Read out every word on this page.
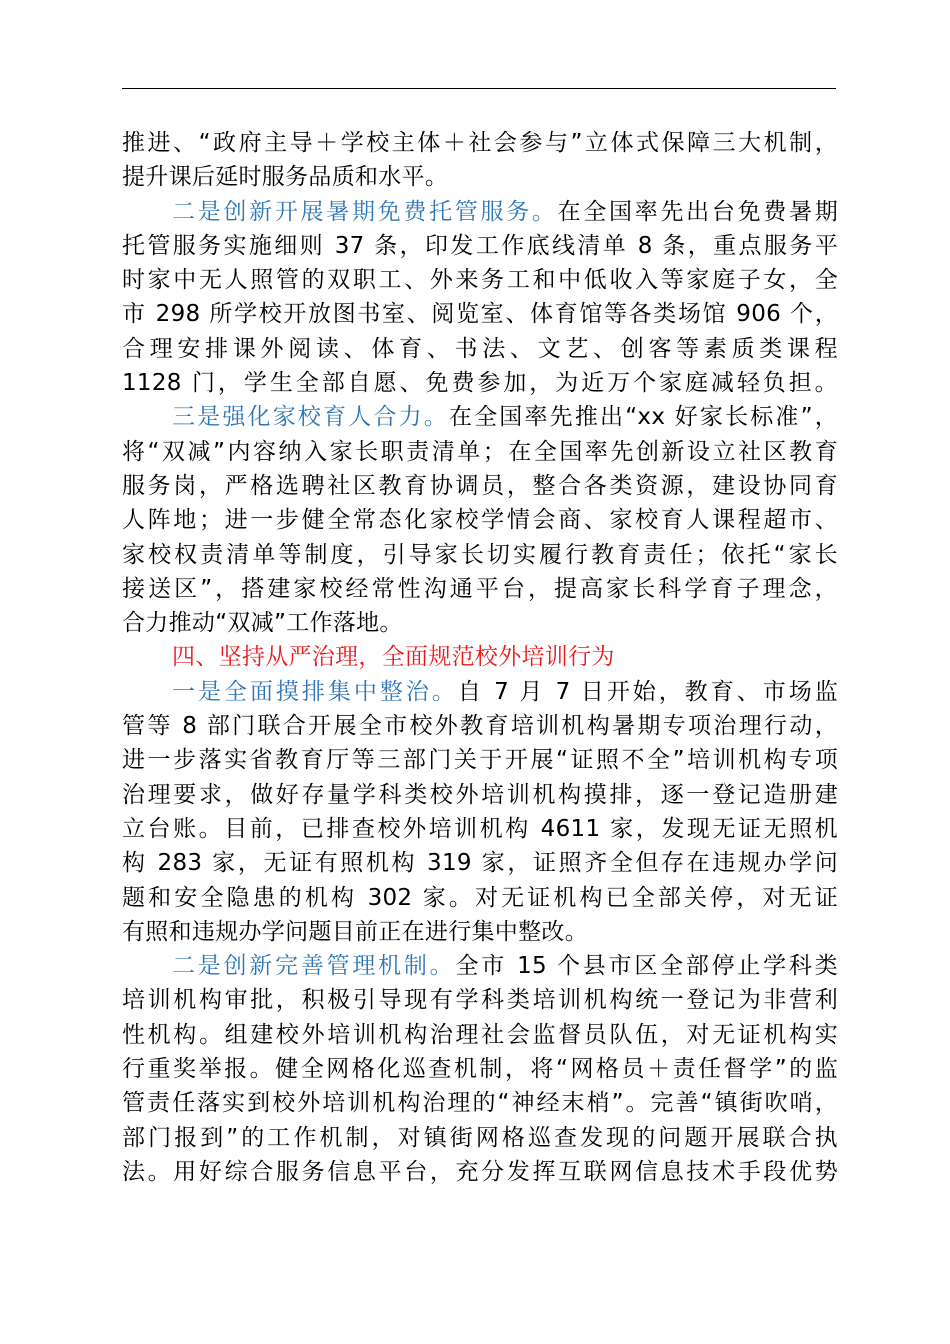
推进、“政府主导＋学校主体＋社会参与”立体式保障三大机制，
提升课后延时服务品质和水平。
二是创新开展暑期免费托管服务。在全国率先出台免费暑期
托管服务实施细则 37 条，印发工作底线清单 8 条，重点服务平
时家中无人照管的双职工、外来务工和中低收入等家庭子女，全
市 298 所学校开放图书室、阅览室、体育馆等各类场馆 906 个，
合理安排课外阅读、体育、书法、文艺、创客等素质类课程
1128 门，学生全部自愿、免费参加，为近万个家庭减轻负担。
三是强化家校育人合力。在全国率先推出“xx 好家长标准”，
将“双减”内容纳入家长职责清单；在全国率先创新设立社区教育
服务岗，严格选聘社区教育协调员，整合各类资源，建设协同育
人阵地；进一步健全常态化家校学情会商、家校育人课程超市、
家校权责清单等制度，引导家长切实履行教育责任；依托“家长
接送区”，搭建家校经常性沟通平台，提高家长科学育子理念，
合力推动“双减”工作落地。
四、坚持从严治理，全面规范校外培训行为
一是全面摸排集中整治。自 7 月 7 日开始，教育、市场监
管等 8 部门联合开展全市校外教育培训机构暑期专项治理行动，
进一步落实省教育厅等三部门关于开展“证照不全”培训机构专项
治理要求，做好存量学科类校外培训机构摸排，逐一登记造册建
立台账。目前，已排查校外培训机构 4611 家，发现无证无照机
构 283 家，无证有照机构 319 家，证照齐全但存在违规办学问
题和安全隐患的机构 302 家。对无证机构已全部关停，对无证
有照和违规办学问题目前正在进行集中整改。
二是创新完善管理机制。全市 15 个县市区全部停止学科类
培训机构审批，积极引导现有学科类培训机构统一登记为非营利
性机构。组建校外培训机构治理社会监督员队伍，对无证机构实
行重奖举报。健全网格化巡查机制，将“网格员＋责任督学”的监
管责任落实到校外培训机构治理的“神经末梢”。完善“镇街吹哨，
部门报到”的工作机制，对镇街网格巡查发现的问题开展联合执
法。用好综合服务信息平台，充分发挥互联网信息技术手段优势
